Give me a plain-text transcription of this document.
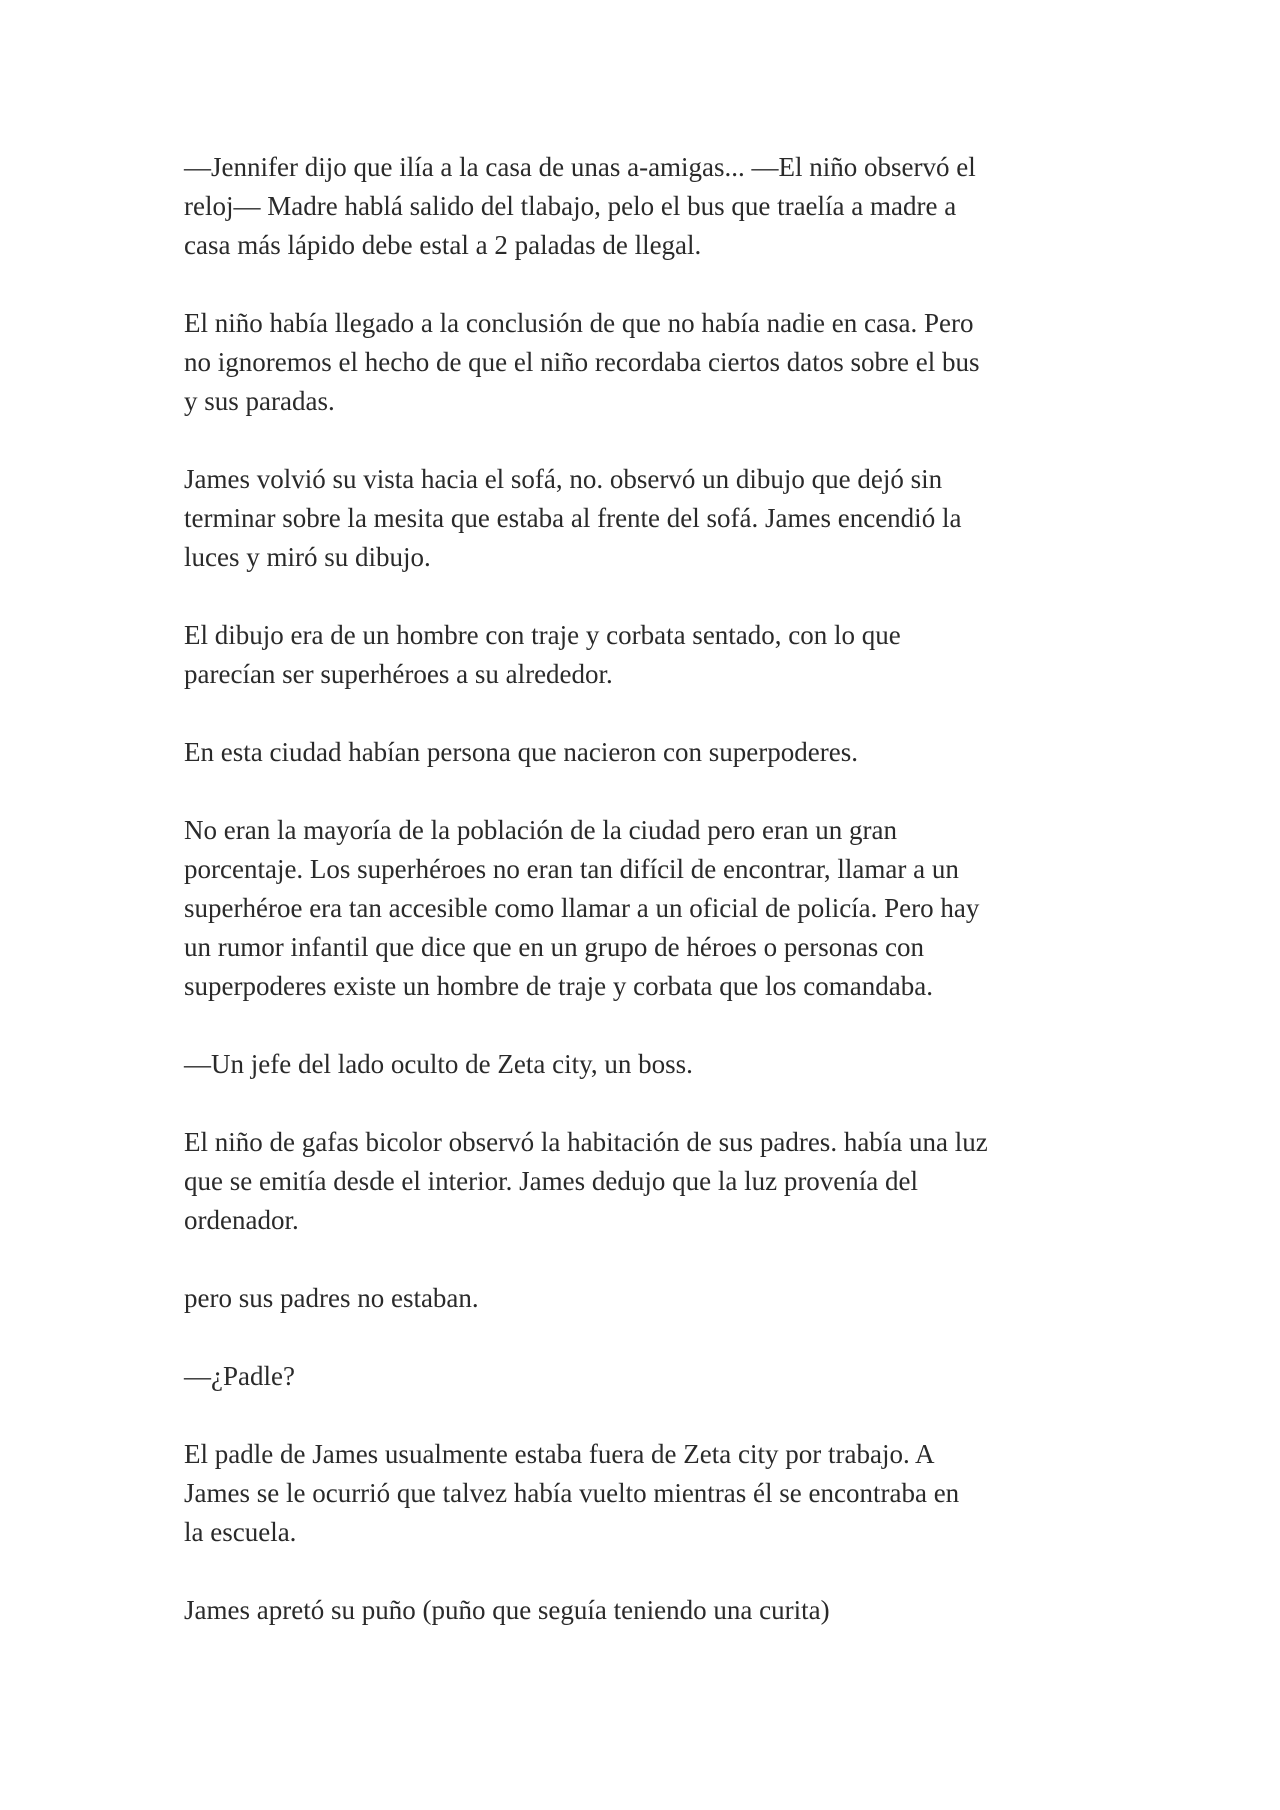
—Jennifer dijo que ilía a la casa de unas a-amigas... —El niño observó el
reloj— Madre hablá salido del tlabajo, pelo el bus que traelía a madre a
casa más lápido debe estal a 2 paladas de llegal.

El niño había llegado a la conclusión de que no había nadie en casa. Pero
no ignoremos el hecho de que el niño recordaba ciertos datos sobre el bus
y sus paradas.

James volvió su vista hacia el sofá, no. observó un dibujo que dejó sin
terminar sobre la mesita que estaba al frente del sofá. James encendió la
luces y miró su dibujo.

El dibujo era de un hombre con traje y corbata sentado, con lo que
parecían ser superhéroes a su alrededor.

En esta ciudad habían persona que nacieron con superpoderes.

No eran la mayoría de la población de la ciudad pero eran un gran
porcentaje. Los superhéroes no eran tan difícil de encontrar, llamar a un
superhéroe era tan accesible como llamar a un oficial de policía. Pero hay
un rumor infantil que dice que en un grupo de héroes o personas con
superpoderes existe un hombre de traje y corbata que los comandaba.

—Un jefe del lado oculto de Zeta city, un boss.

El niño de gafas bicolor observó la habitación de sus padres. había una luz
que se emitía desde el interior. James dedujo que la luz provenía del
ordenador.

pero sus padres no estaban.

—¿Padle?

El padle de James usualmente estaba fuera de Zeta city por trabajo. A
James se le ocurrió que talvez había vuelto mientras él se encontraba en
la escuela.

James apretó su puño (puño que seguía teniendo una curita)
